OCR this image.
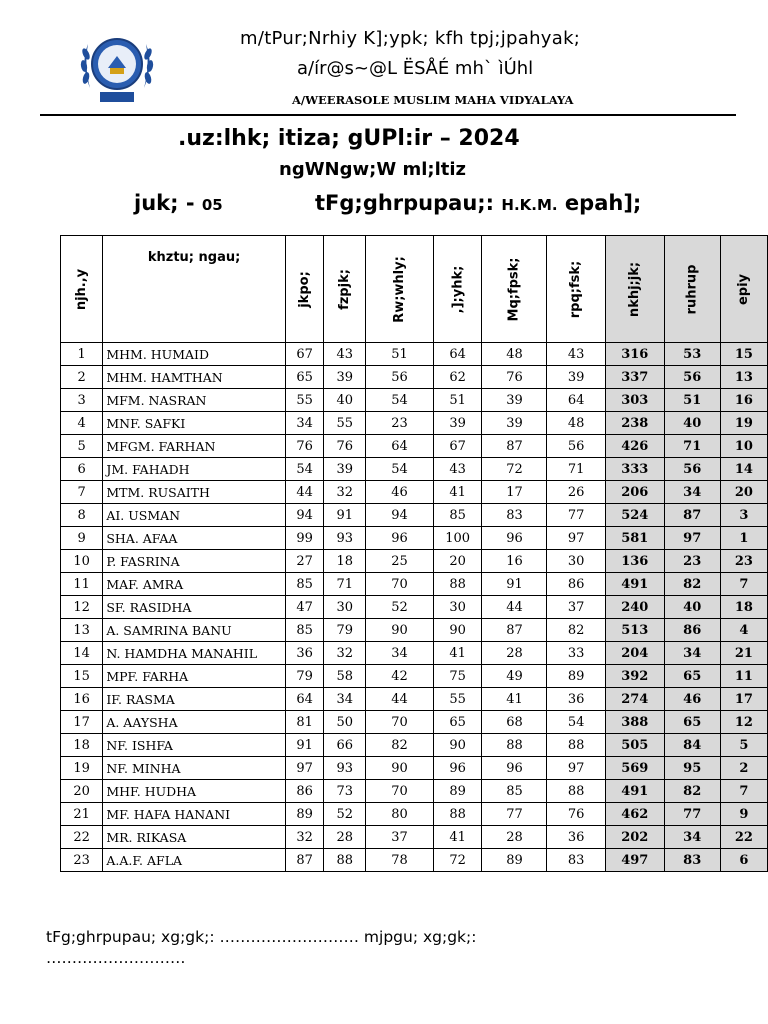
m/tPur;Nrhiy K];ypk; kfh tpj;jpahyak;
a/ír@s~@L ËSÅÉ mh` ìÚhl
A/WEERASOLE MUSLIM MAHA VIDYALAYA
.uz:lhk; itiza; gUPl:ir – 2024
ngWNgw;W ml;ltiz
juk; - 05	tFg;ghrpupau;: H.K.M. epah];
njh.,y	khztu; ngau;	jkpo;	fzpjk;	Rw;whly;	,];yhk;	Mq;fpsk;	rpq;fsk;	nkhj;jk;	ruhrup	epiy
1	MHM. HUMAID	67	43	51	64	48	43	316	53	15
2	MHM. HAMTHAN	65	39	56	62	76	39	337	56	13
3	MFM. NASRAN	55	40	54	51	39	64	303	51	16
4	MNF. SAFKI	34	55	23	39	39	48	238	40	19
5	MFGM. FARHAN	76	76	64	67	87	56	426	71	10
6	JM. FAHADH	54	39	54	43	72	71	333	56	14
7	MTM. RUSAITH	44	32	46	41	17	26	206	34	20
8	AI. USMAN	94	91	94	85	83	77	524	87	3
9	SHA. AFAA	99	93	96	100	96	97	581	97	1
10	P. FASRINA	27	18	25	20	16	30	136	23	23
11	MAF. AMRA	85	71	70	88	91	86	491	82	7
12	SF. RASIDHA	47	30	52	30	44	37	240	40	18
13	A. SAMRINA BANU	85	79	90	90	87	82	513	86	4
14	N. HAMDHA MANAHIL	36	32	34	41	28	33	204	34	21
15	MPF. FARHA	79	58	42	75	49	89	392	65	11
16	IF. RASMA	64	34	44	55	41	36	274	46	17
17	A. AAYSHA	81	50	70	65	68	54	388	65	12
18	NF. ISHFA	91	66	82	90	88	88	505	84	5
19	NF. MINHA	97	93	90	96	96	97	569	95	2
20	MHF. HUDHA	86	73	70	89	85	88	491	82	7
21	MF. HAFA HANANI	89	52	80	88	77	76	462	77	9
22	MR. RIKASA	32	28	37	41	28	36	202	34	22
23	A.A.F. AFLA	87	88	78	72	89	83	497	83	6
tFg;ghrpupau; xg;gk;: ……………………… mjpgu; xg;gk;:
………………………
